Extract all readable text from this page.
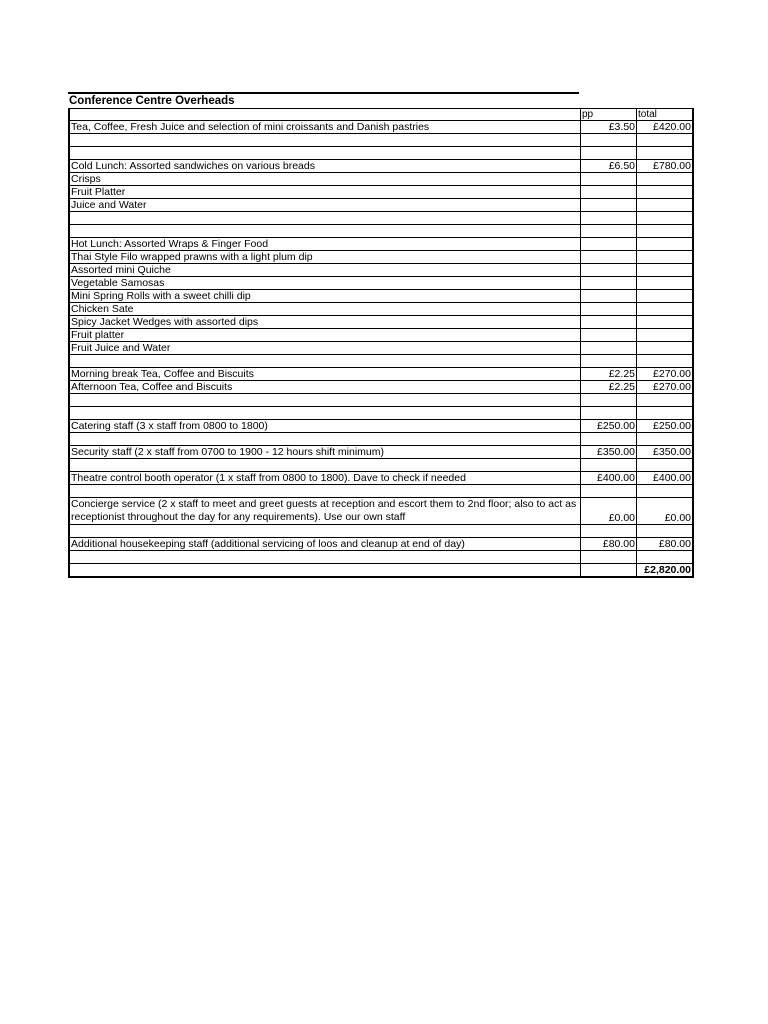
Conference Centre Overheads
	pp	total
Tea, Coffee, Fresh Juice and selection of mini croissants and Danish pastries	£3.50	£420.00

Cold Lunch: Assorted sandwiches on various breads	£6.50	£780.00
Crisps		
Fruit Platter		
Juice and Water		

Hot Lunch: Assorted Wraps & Finger Food		
Thai Style Filo wrapped prawns with a light plum dip		
Assorted mini Quiche		
Vegetable Samosas		
Mini Spring Rolls with a sweet chilli dip		
Chicken Sate		
Spicy Jacket Wedges with assorted dips		
Fruit platter		
Fruit Juice and Water		

Morning break Tea, Coffee and Biscuits	£2.25	£270.00
Afternoon Tea, Coffee and Biscuits	£2.25	£270.00

Catering staff (3 x staff from 0800 to 1800)	£250.00	£250.00

Security staff (2 x staff from 0700 to 1900 - 12 hours shift minimum)	£350.00	£350.00

Theatre control booth operator (1 x staff from 0800 to 1800). Dave to check if needed	£400.00	£400.00

Concierge service (2 x staff to meet and greet guests at reception and escort them to 2nd floor; also to act as receptionist throughout the day for any requirements). Use our own staff	£0.00	£0.00

Additional housekeeping staff (additional servicing of loos and cleanup at end of day)	£80.00	£80.00

		£2,820.00
